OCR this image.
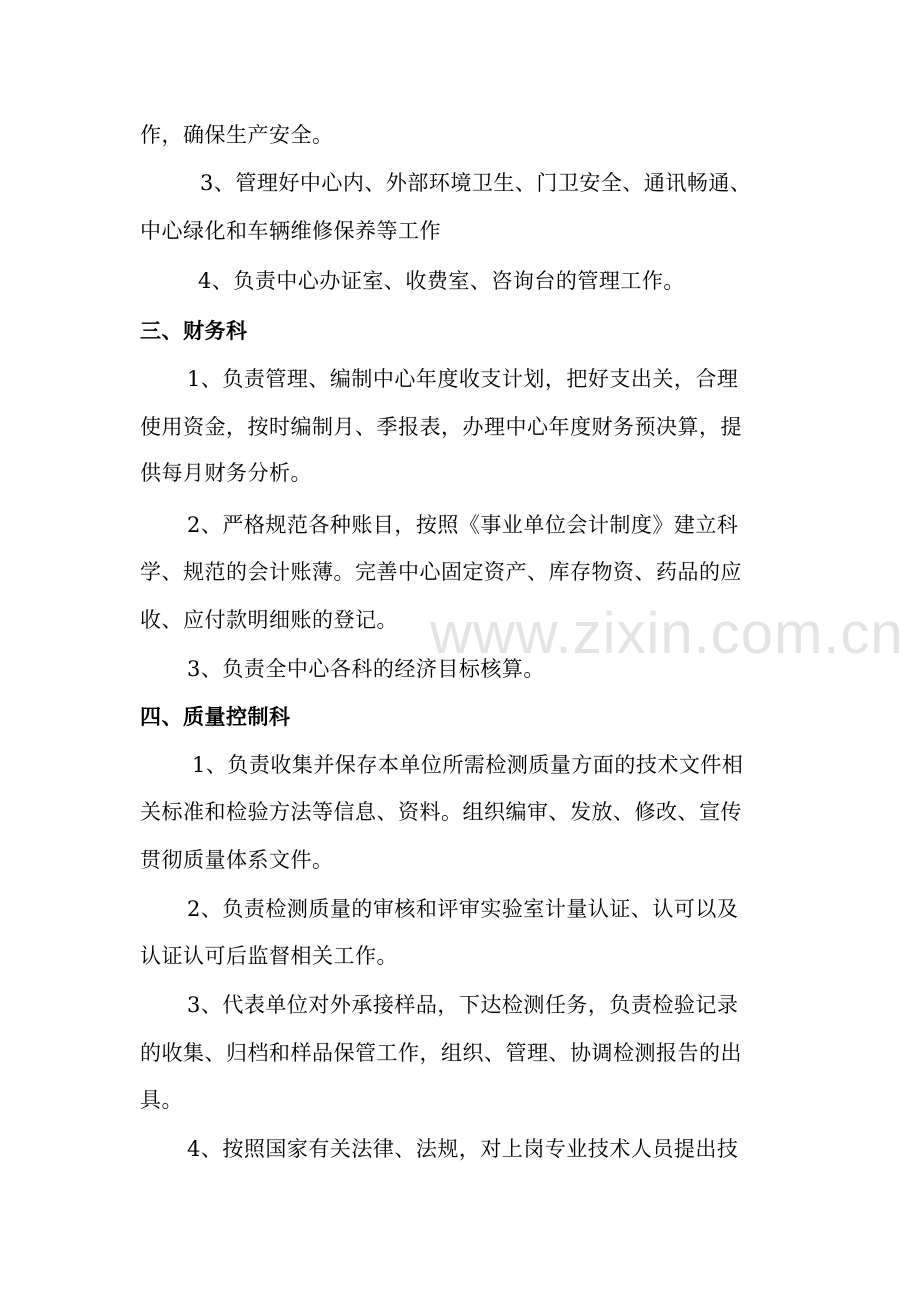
作，确保生产安全。
3、管理好中心内、外部环境卫生、门卫安全、通讯畅通、
中心绿化和车辆维修保养等工作
4、负责中心办证室、收费室、咨询台的管理工作。
三、财务科
1、负责管理、编制中心年度收支计划，把好支出关，合理
使用资金，按时编制月、季报表，办理中心年度财务预决算，提
供每月财务分析。
2、严格规范各种账目，按照《事业单位会计制度》建立科
学、规范的会计账薄。完善中心固定资产、库存物资、药品的应
收、应付款明细账的登记。
3、负责全中心各科的经济目标核算。
四、质量控制科
1、负责收集并保存本单位所需检测质量方面的技术文件相
关标准和检验方法等信息、资料。组织编审、发放、修改、宣传
贯彻质量体系文件。
2、负责检测质量的审核和评审实验室计量认证、认可以及
认证认可后监督相关工作。
3、代表单位对外承接样品，下达检测任务，负责检验记录
的收集、归档和样品保管工作，组织、管理、协调检测报告的出
具。
4、按照国家有关法律、法规，对上岗专业技术人员提出技
www.zixin.com.cn
